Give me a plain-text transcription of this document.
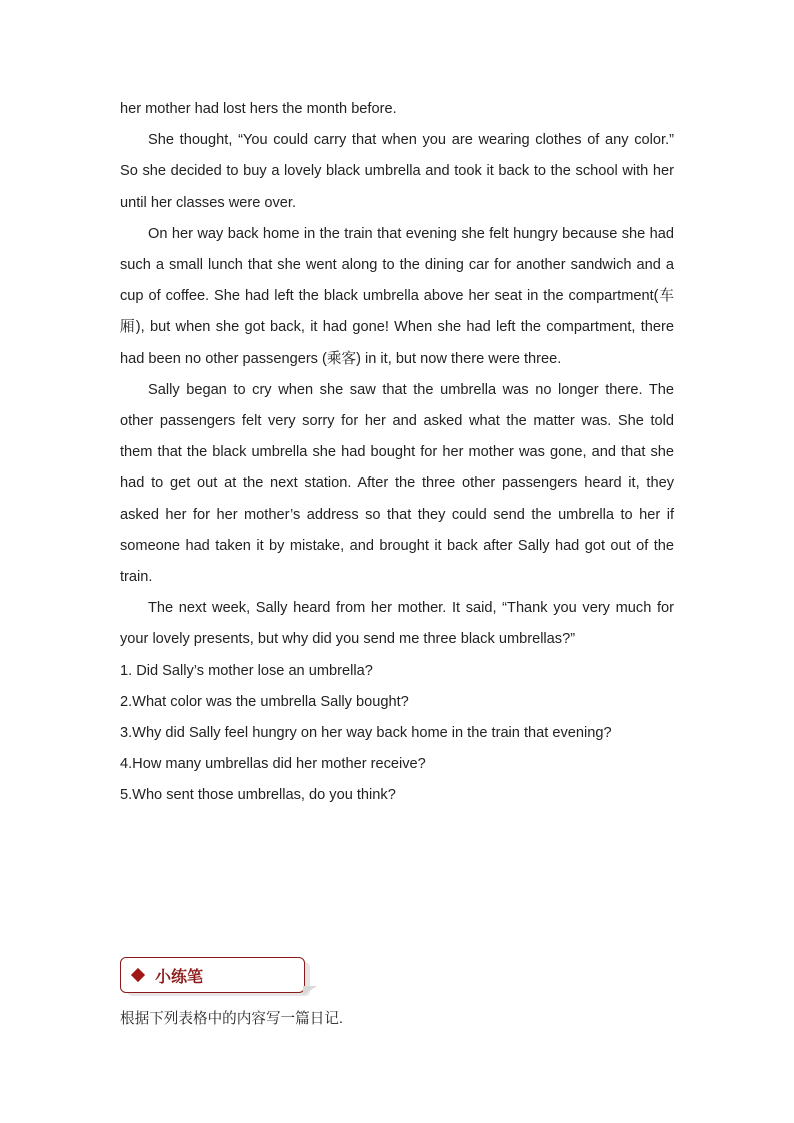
her mother had lost hers the month before.

She thought, “You could carry that when you are wearing clothes of any color.” So she decided to buy a lovely black umbrella and took it back to the school with her until her classes were over.

On her way back home in the train that evening she felt hungry because she had such a small lunch that she went along to the dining car for another sandwich and a cup of coffee. She had left the black umbrella above her seat in the compartment(车厢), but when she got back, it had gone! When she had left the compartment, there had been no other passengers (乘客) in it, but now there were three.

Sally began to cry when she saw that the umbrella was no longer there. The other passengers felt very sorry for her and asked what the matter was. She told them that the black umbrella she had bought for her mother was gone, and that she had to get out at the next station. After the three other passengers heard it, they asked her for her mother’s address so that they could send the umbrella to her if someone had taken it by mistake, and brought it back after Sally had got out of the train.

The next week, Sally heard from her mother. It said, “Thank you very much for your lovely presents, but why did you send me three black umbrellas?”

1. Did Sally’s mother lose an umbrella?

2.What color was the umbrella Sally bought?

3.Why did Sally feel hungry on her way back home in the train that evening?

4.How many umbrellas did her mother receive?

5.Who sent those umbrellas, do you think?

小练笔
根据下列表格中的内容写一篇日记.
